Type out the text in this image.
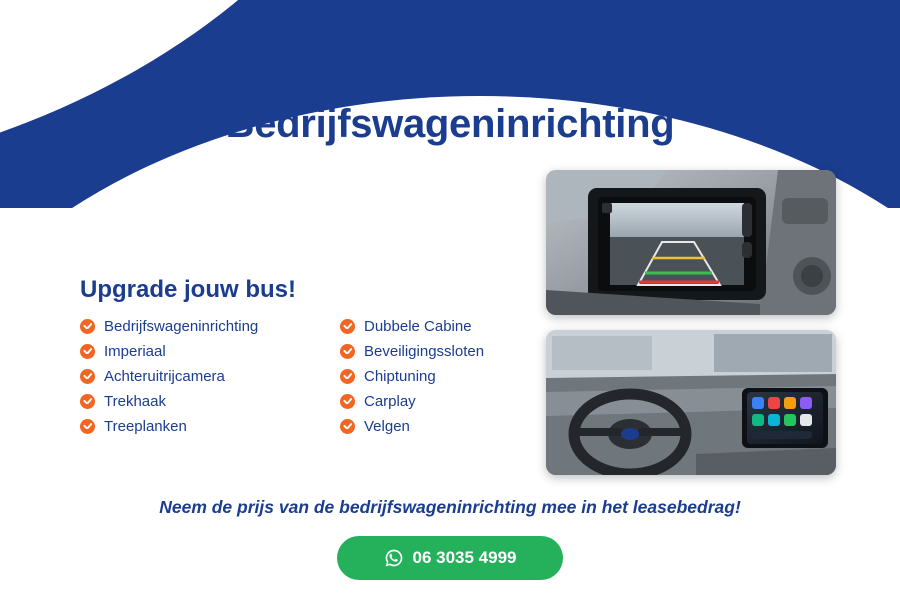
AUTOMOTIVE
Bedrijfswageninrichting
Upgrade jouw bus!
Bedrijfswageninrichting
Imperiaal
Achteruitrijcamera
Trekhaak
Treeplanken
Dubbele Cabine
Beveiligingssloten
Chiptuning
Carplay
Velgen
Neem de prijs van de bedrijfswageninrichting mee in het leasebedrag!
06 3035 4999
